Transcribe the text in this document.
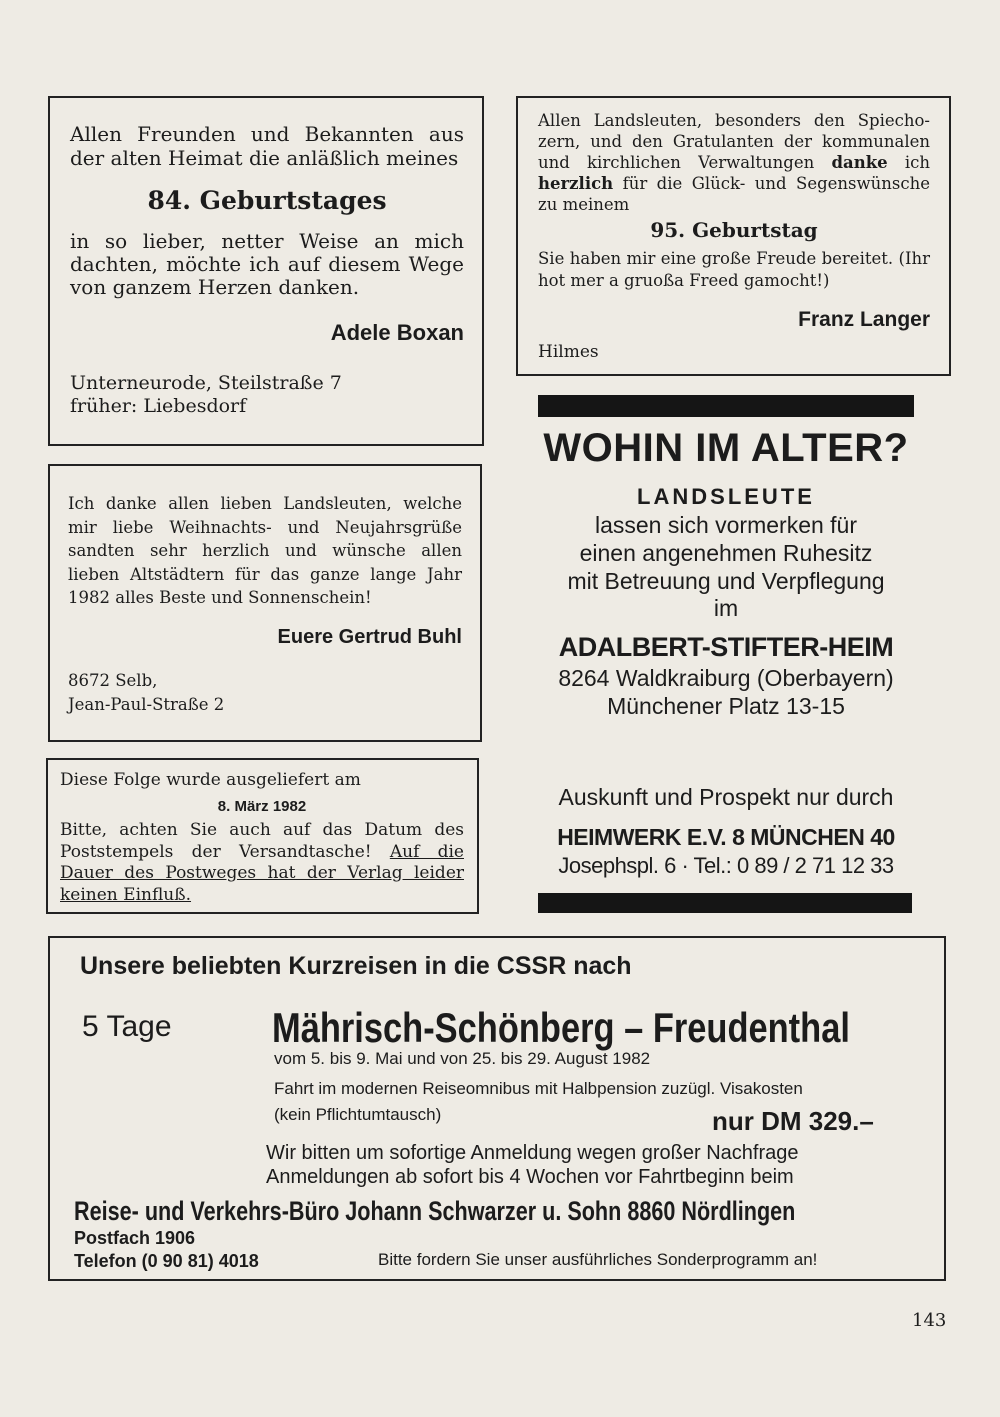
Allen Freunden und Bekannten aus der alten Heimat die anläßlich meines

84. Geburtstages

in so lieber, netter Weise an mich dachten, möchte ich auf diesem Wege von ganzem Herzen danken.

Adele Boxan

Unterneurode, Steilstraße 7

früher: Liebesdorf

Allen Landsleuten, besonders den Spiecho-zern, und den Gratulanten der kommunalen und kirchlichen Verwaltungen danke ich herzlich für die Glück- und Segenswünsche zu meinem

95. Geburtstag

Sie haben mir eine große Freude bereitet. (Ihr hot mer a gruoßa Freed gamocht!)

Franz Langer

Hilmes

Ich danke allen lieben Landsleuten, welche mir liebe Weihnachts- und Neujahrsgrüße sandten sehr herzlich und wünsche allen lieben Altstädtern für das ganze lange Jahr 1982 alles Beste und Sonnenschein!

Euere Gertrud Buhl

8672 Selb,

Jean-Paul-Straße 2

Diese Folge wurde ausgeliefert am

8. März 1982

Bitte, achten Sie auch auf das Datum des Poststempels der Versandtasche! Auf die Dauer des Postweges hat der Verlag leider keinen Einfluß.

WOHIN IM ALTER?

LANDSLEUTE

lassen sich vormerken für

einen angenehmen Ruhesitz

mit Betreuung und Verpflegung

im

ADALBERT-STIFTER-HEIM

8264 Waldkraiburg (Oberbayern)

Münchener Platz 13-15

Auskunft und Prospekt nur durch

HEIMWERK E.V. 8 MÜNCHEN 40

Josephspl. 6 · Tel.: 0 89 / 2 71 12 33

Unsere beliebten Kurzreisen in die CSSR nach

5 Tage Mährisch-Schönberg – Freudenthal

vom 5. bis 9. Mai und von 25. bis 29. August 1982

Fahrt im modernen Reiseomnibus mit Halbpension zuzügl. Visakosten

(kein Pflichtumtausch)	nur DM 329.–

Wir bitten um sofortige Anmeldung wegen großer Nachfrage

Anmeldungen ab sofort bis 4 Wochen vor Fahrtbeginn beim

Reise- und Verkehrs-Büro Johann Schwarzer u. Sohn 8860 Nördlingen

Postfach 1906

Telefon (0 90 81) 4018	Bitte fordern Sie unser ausführliches Sonderprogramm an!

143
